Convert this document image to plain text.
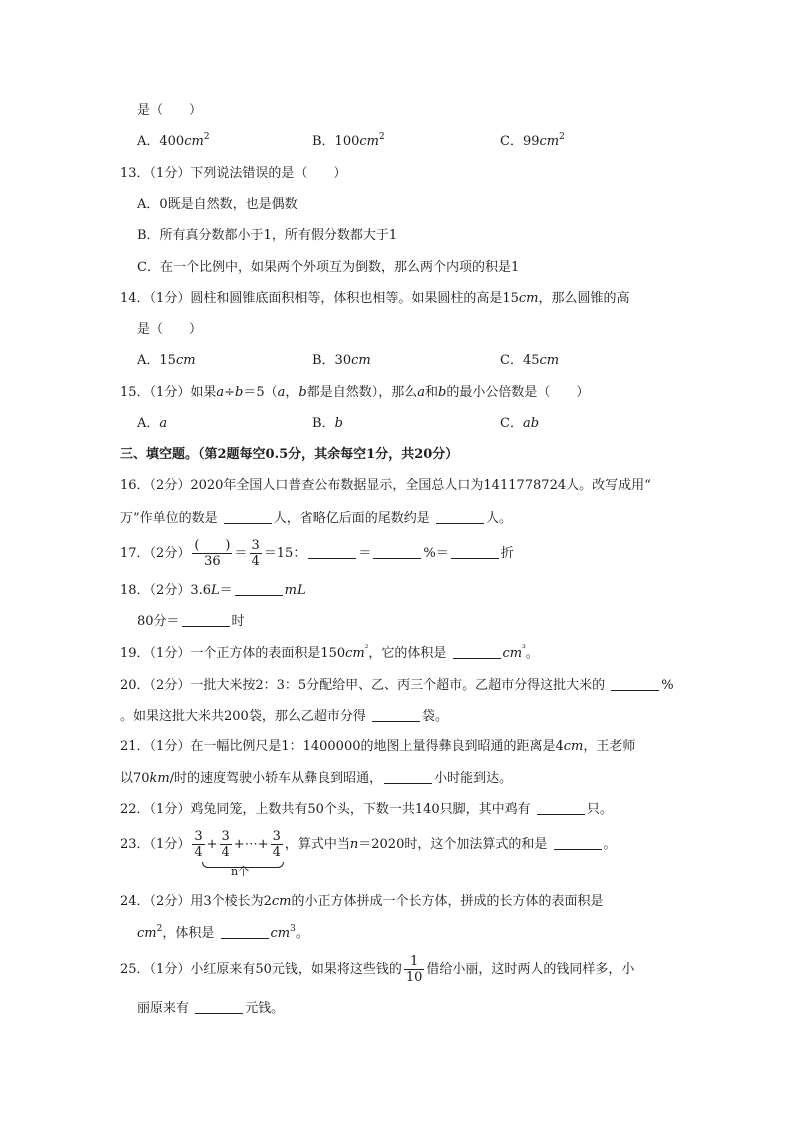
是（　　）
A．$400cm^2$	B．$100cm^2$	C．$99cm^2$
13．（1分）下列说法错误的是（　　）
A．0既是自然数，也是偶数
B．所有真分数都小于1，所有假分数都大于1
C．在一个比例中，如果两个外项互为倒数，那么两个内项的积是1
14．（1分）圆柱和圆锥底面积相等，体积也相等。如果圆柱的高是15cm，那么圆锥的高
是（　　）
A．15cm	B．30cm	C．45cm
15．（1分）如果a÷b＝5（a，b都是自然数），那么a和b的最小公倍数是（　　）
A．a	B．b	C．ab
三、填空题。（第2题每空0.5分，其余每空1分，共20分）
16．（2分）2020年全国人口普查公布数据显示，全国总人口为1411778724人。改写成用“
万”作单位的数是	人，省略亿后面的尾数约是	人。
17．（2分） $\frac{( )}{36} = \frac{3}{4} =15$：	＝	%＝	折
18．（2分）3.6L＝	mL
80分＝	时
19．（1分）一个正方体的表面积是$150cm^{^2}$，它的体积是	$cm^{^3}$。
20．（2分）一批大米按2：3：5分配给甲、乙、丙三个超市。乙超市分得这批大米的	%
。如果这批大米共200袋，那么乙超市分得	袋。
21．（1分）在一幅比例尺是1：1400000的地图上量得彝良到昭通的距离是4cm，王老师
以70km/时的速度驾驶小轿车从彝良到昭通，	小时能到达。
22．（1分）鸡兔同笼，上数共有50个头，下数一共140只脚，其中鸡有	只。
23．（1分） $\frac{3}{4} + \frac{3}{4}$ +⋯+ $\frac{3}{4}$ ，算式中当n＝2020时，这个加法算式的和是	。
n个
24．（2分）用3个棱长为2cm的小正方体拼成一个长方体，拼成的长方体的表面积是
$cm^2$，体积是	$cm^3$。
25．（1分）小红原来有50元钱，如果将这些钱的 $\frac{1}{10}$ 借给小丽，这时两人的钱同样多，小
丽原来有	元钱。
